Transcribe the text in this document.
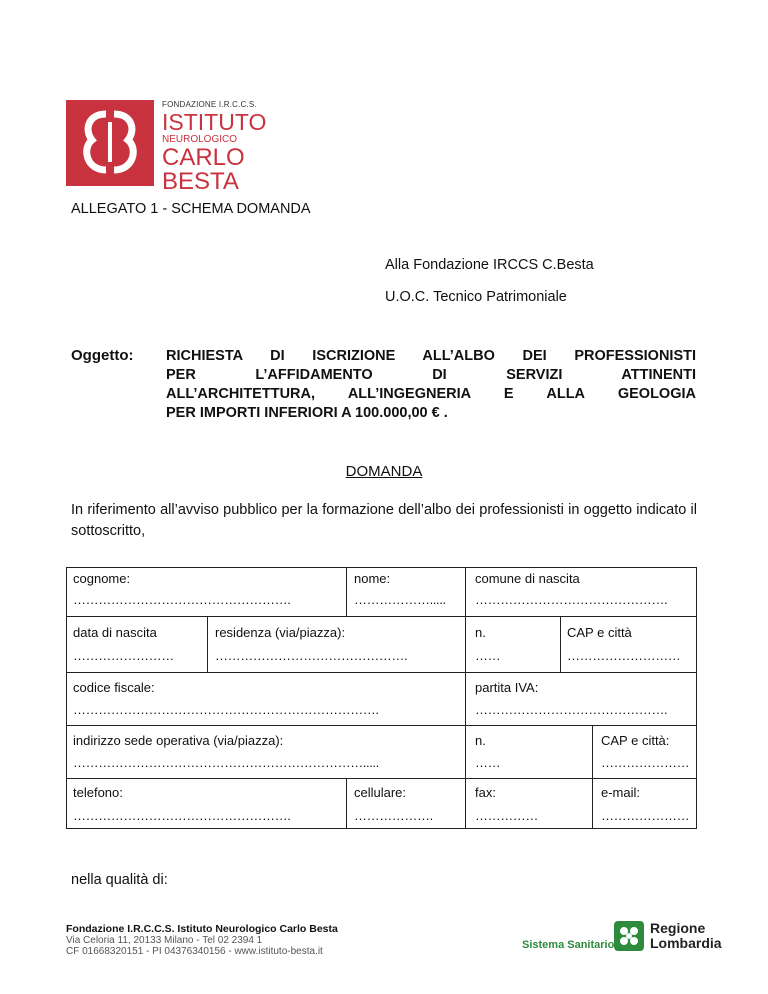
FONDAZIONE I.R.C.C.S.
ISTITUTO
NEUROLOGICO
CARLO
BESTA
ALLEGATO 1 - SCHEMA DOMANDA
Alla Fondazione IRCCS C.Besta
U.O.C. Tecnico Patrimoniale
Oggetto: RICHIESTA DI ISCRIZIONE ALL’ALBO DEI PROFESSIONISTI
PER L’AFFIDAMENTO DI SERVIZI ATTINENTI
ALL’ARCHITETTURA, ALL’INGEGNERIA E ALLA GEOLOGIA
PER IMPORTI INFERIORI A 100.000,00 € .
DOMANDA
In riferimento all’avviso pubblico per la formazione dell’albo dei professionisti in oggetto indicato il sottoscritto,
cognome:
…………………………………………….
nome:
……………….....
comune di nascita
……………………………………….
data di nascita
……………………
residenza (via/piazza):
……………………………………….
n.
……
CAP e città
………………………
codice fiscale:
……………………………………………………………….
partita IVA:
……………………………………….
indirizzo sede operativa (via/piazza):
…………………………………………………………….....
n.
……
CAP e città:
…………………
telefono:
…………………………………………….
cellulare:
……………….
fax:
……………
e-mail:
…………………
nella qualità di:
Fondazione I.R.C.C.S. Istituto Neurologico Carlo Besta
Via Celoria 11, 20133 Milano - Tel 02 2394 1
CF 01668320151 - PI 04376340156 - www.istituto-besta.it
Sistema Sanitario
Regione
Lombardia
